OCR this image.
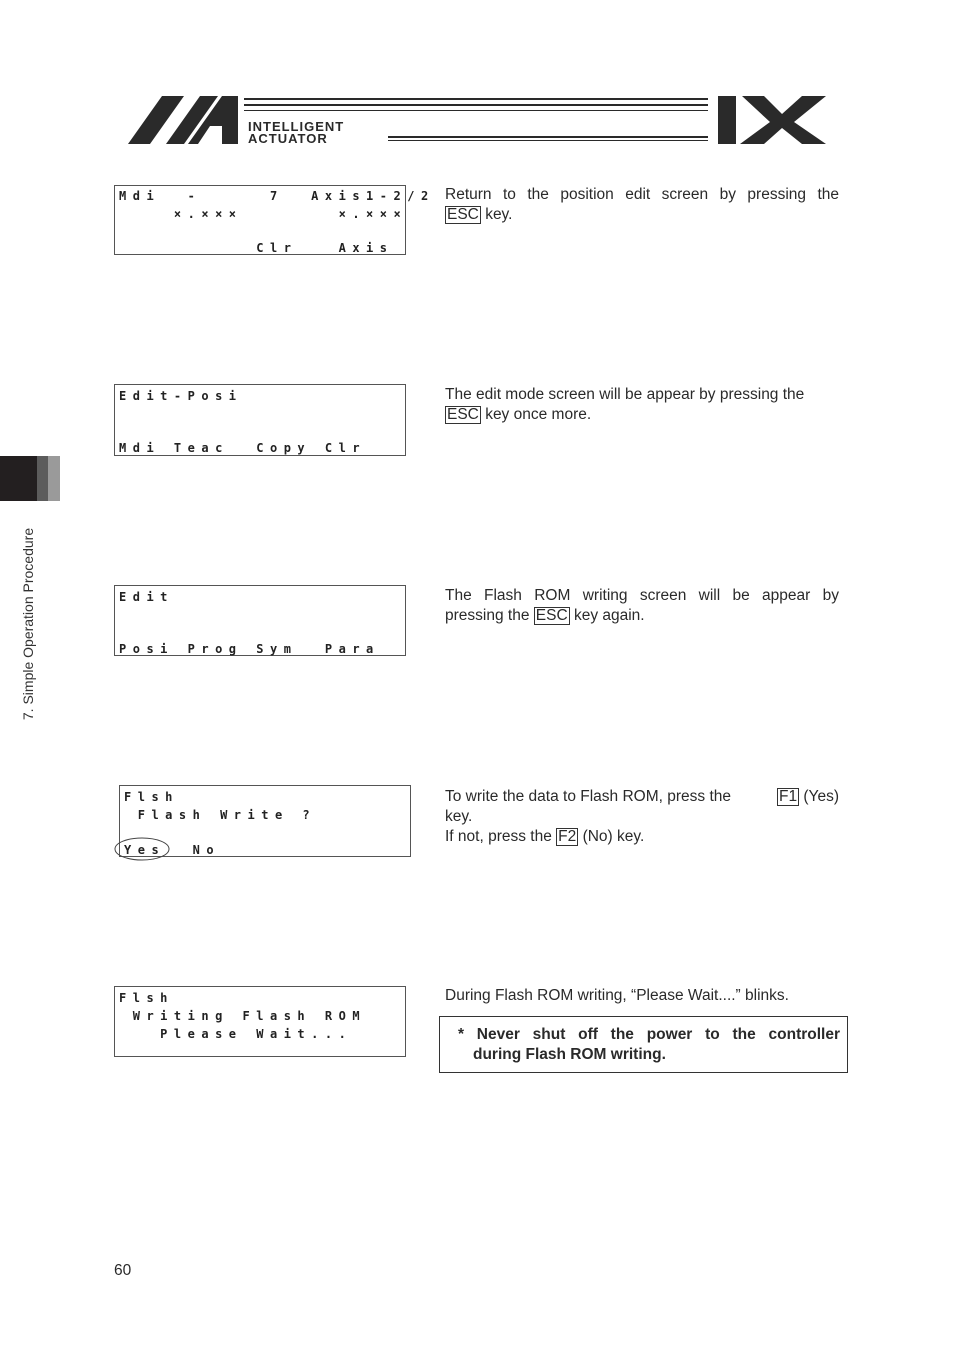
INTELLIGENT
ACTUATOR
7. Simple Operation Procedure
Mdi  -     7  Axis1-2/2
×.×××       ×.×××
Clr   Axis
Return to the position edit screen by pressing the
ESC key.
Edit-Posi
Mdi Teac  Copy Clr
The edit mode screen will be appear by pressing the
ESC key once more.
Edit
Posi Prog Sym  Para
The Flash ROM writing screen will be appear by
pressing the ESC key again.
Flsh
Flash Write ?
Yes  No
To write the data to Flash ROM, press the	F1 (Yes)
key.
If not, press the F2 (No) key.
Flsh
Writing Flash ROM
Please Wait...
During Flash ROM writing, “Please Wait....” blinks.
* Never shut off the power to the controller
during Flash ROM writing.
60
